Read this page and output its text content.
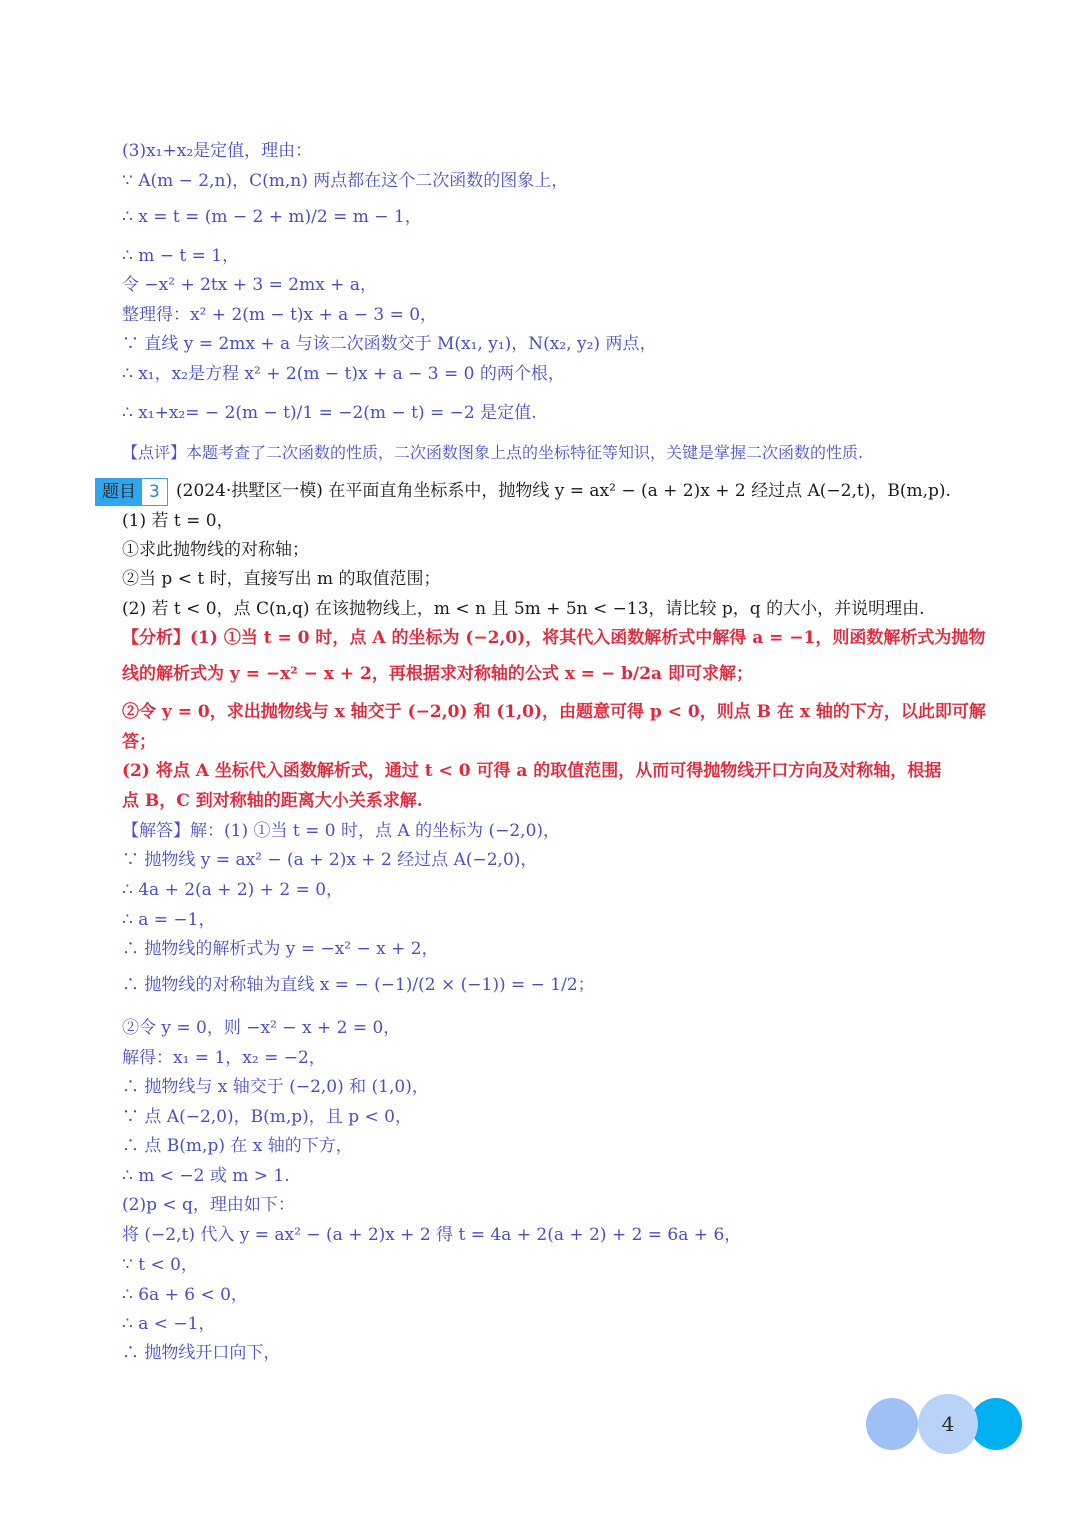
(3)x₁+x₂是定值，理由：
∵ A(m − 2,n)，C(m,n) 两点都在这个二次函数的图象上，
∴ x = t = (m − 2 + m)/2 = m − 1，
∴ m − t = 1，
令 −x² + 2tx + 3 = 2mx + a，
整理得：x² + 2(m − t)x + a − 3 = 0，
∵ 直线 y = 2mx + a 与该二次函数交于 M(x₁, y₁)，N(x₂, y₂) 两点，
∴ x₁，x₂是方程 x² + 2(m − t)x + a − 3 = 0 的两个根，
∴ x₁+x₂= − 2(m − t)/1 = −2(m − t) = −2 是定值.
【点评】本题考查了二次函数的性质，二次函数图象上点的坐标特征等知识，关键是掌握二次函数的性质.
题目 3 (2024·拱墅区一模) 在平面直角坐标系中，抛物线 y = ax² − (a + 2)x + 2 经过点 A(−2,t)，B(m,p).
(1) 若 t = 0，
①求此抛物线的对称轴；
②当 p < t 时，直接写出 m 的取值范围；
(2) 若 t < 0，点 C(n,q) 在该抛物线上，m < n 且 5m + 5n < −13，请比较 p，q 的大小，并说明理由.
【分析】(1) ①当 t = 0 时，点 A 的坐标为 (−2,0)，将其代入函数解析式中解得 a = −1，则函数解析式为抛物
线的解析式为 y = −x² − x + 2，再根据求对称轴的公式 x = − b/2a 即可求解；
②令 y = 0，求出抛物线与 x 轴交于 (−2,0) 和 (1,0)，由题意可得 p < 0，则点 B 在 x 轴的下方，以此即可解
答；
(2) 将点 A 坐标代入函数解析式，通过 t < 0 可得 a 的取值范围，从而可得抛物线开口方向及对称轴，根据
点 B，C 到对称轴的距离大小关系求解.
【解答】解：(1) ①当 t = 0 时，点 A 的坐标为 (−2,0)，
∵ 抛物线 y = ax² − (a + 2)x + 2 经过点 A(−2,0)，
∴ 4a + 2(a + 2) + 2 = 0，
∴ a = −1，
∴ 抛物线的解析式为 y = −x² − x + 2，
∴ 抛物线的对称轴为直线 x = − (−1)/(2 × (−1)) = − 1/2；
②令 y = 0，则 −x² − x + 2 = 0，
解得：x₁ = 1，x₂ = −2，
∴ 抛物线与 x 轴交于 (−2,0) 和 (1,0)，
∵ 点 A(−2,0)，B(m,p)，且 p < 0，
∴ 点 B(m,p) 在 x 轴的下方，
∴ m < −2 或 m > 1.
(2)p < q，理由如下：
将 (−2,t) 代入 y = ax² − (a + 2)x + 2 得 t = 4a + 2(a + 2) + 2 = 6a + 6，
∵ t < 0，
∴ 6a + 6 < 0，
∴ a < −1，
∴ 抛物线开口向下，
4
